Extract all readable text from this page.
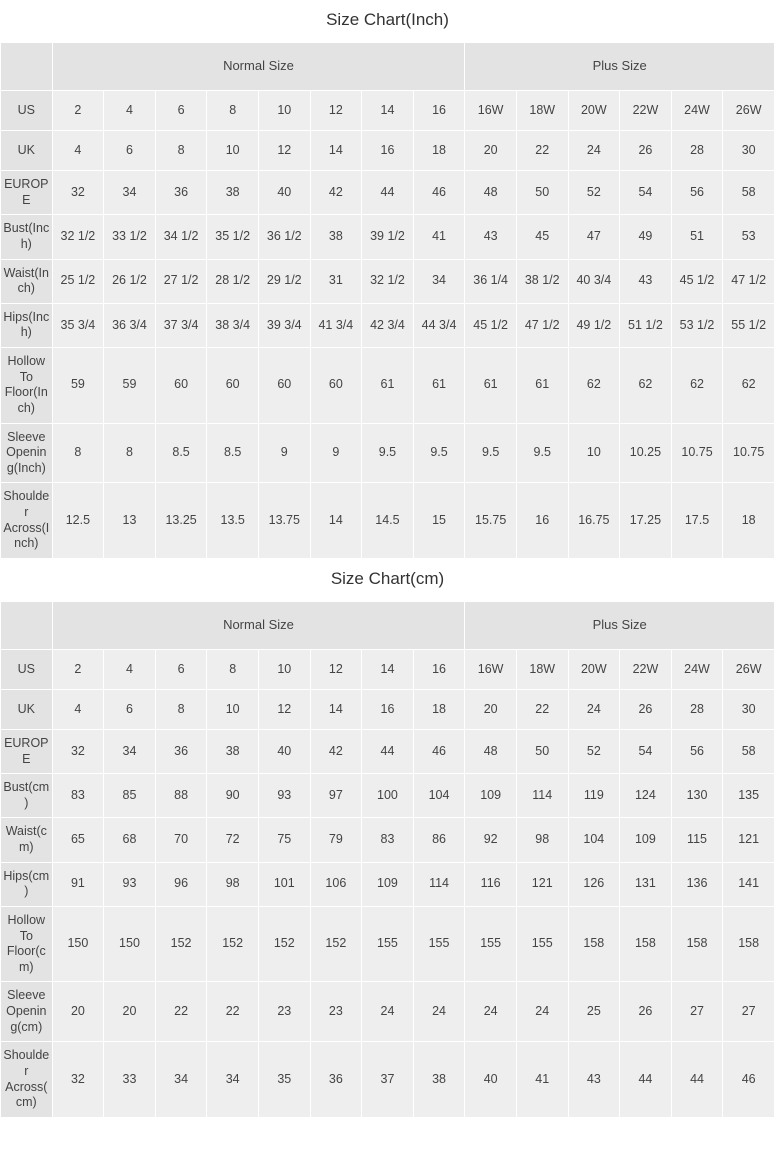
Size Chart(Inch)
	Normal Size								Plus Size					
US	2	4	6	8	10	12	14	16	16W	18W	20W	22W	24W	26W
UK	4	6	8	10	12	14	16	18	20	22	24	26	28	30
EUROPE	32	34	36	38	40	42	44	46	48	50	52	54	56	58
Bust(Inch)	32 1/2	33 1/2	34 1/2	35 1/2	36 1/2	38	39 1/2	41	43	45	47	49	51	53
Waist(Inch)	25 1/2	26 1/2	27 1/2	28 1/2	29 1/2	31	32 1/2	34	36 1/4	38 1/2	40 3/4	43	45 1/2	47 1/2
Hips(Inch)	35 3/4	36 3/4	37 3/4	38 3/4	39 3/4	41 3/4	42 3/4	44 3/4	45 1/2	47 1/2	49 1/2	51 1/2	53 1/2	55 1/2
Hollow To Floor(Inch)	59	59	60	60	60	60	61	61	61	61	62	62	62	62
Sleeve Opening(Inch)	8	8	8.5	8.5	9	9	9.5	9.5	9.5	9.5	10	10.25	10.75	10.75
Shoulder Across(Inch)	12.5	13	13.25	13.5	13.75	14	14.5	15	15.75	16	16.75	17.25	17.5	18
Size Chart(cm)
	Normal Size								Plus Size					
US	2	4	6	8	10	12	14	16	16W	18W	20W	22W	24W	26W
UK	4	6	8	10	12	14	16	18	20	22	24	26	28	30
EUROPE	32	34	36	38	40	42	44	46	48	50	52	54	56	58
Bust(cm)	83	85	88	90	93	97	100	104	109	114	119	124	130	135
Waist(cm)	65	68	70	72	75	79	83	86	92	98	104	109	115	121
Hips(cm)	91	93	96	98	101	106	109	114	116	121	126	131	136	141
Hollow To Floor(cm)	150	150	152	152	152	152	155	155	155	155	158	158	158	158
Sleeve Opening(cm)	20	20	22	22	23	23	24	24	24	24	25	26	27	27
Shoulder Across(cm)	32	33	34	34	35	36	37	38	40	41	43	44	44	46
